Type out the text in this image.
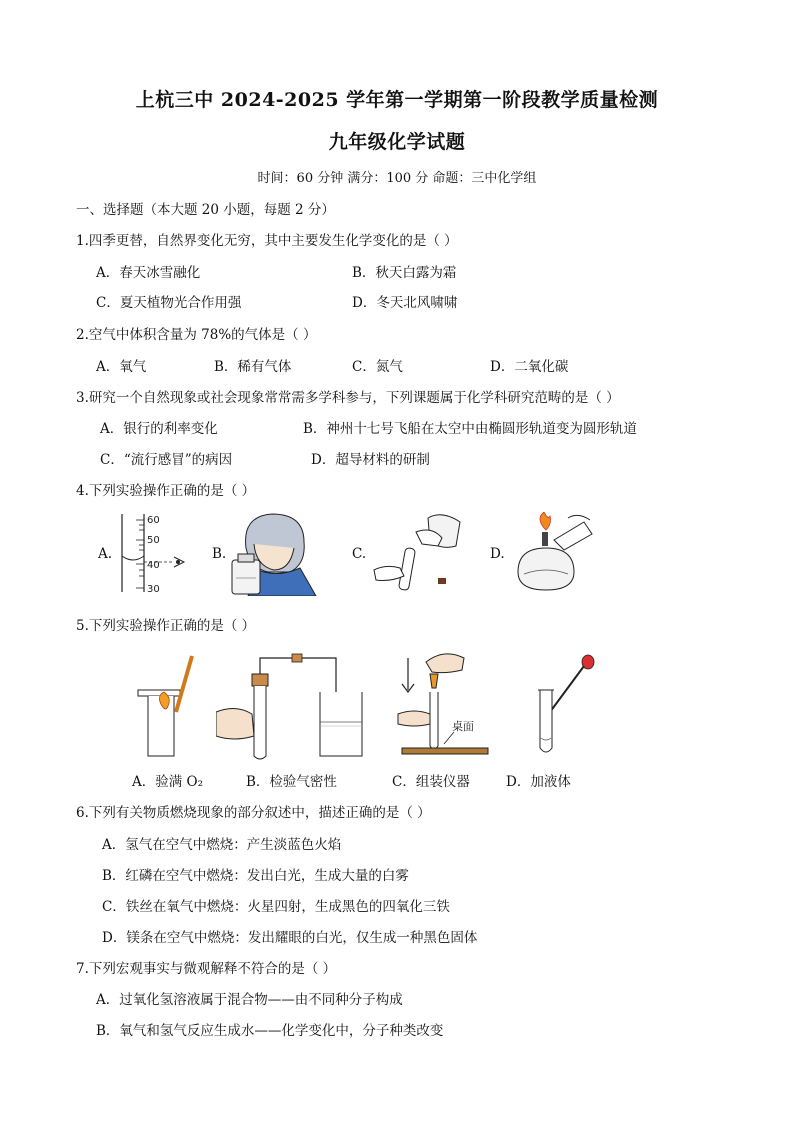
上杭三中 2024-2025 学年第一学期第一阶段教学质量检测
九年级化学试题
时间：60 分钟 满分：100 分 命题：三中化学组
一、选择题（本大题 20 小题，每题 2 分）
1.四季更替，自然界变化无穷，其中主要发生化学变化的是（ ）
A．春天冰雪融化	B．秋天白露为霜
C．夏天植物光合作用强	D．冬天北风啸啸
2.空气中体积含量为 78%的气体是（ ）
A．氧气	B．稀有气体	C．氮气	D．二氧化碳
3.研究一个自然现象或社会现象常常需多学科参与，下列课题属于化学科研究范畴的是（ ）
A．银行的利率变化	B．神州十七号飞船在太空中由椭圆形轨道变为圆形轨道
C．“流行感冒”的病因	D．超导材料的研制
4.下列实验操作正确的是（ ）
A.
60
50
40
30
B.	C.	D.
5.下列实验操作正确的是（ ）
A．验满 O₂	B．检验气密性
桌面
C．组装仪器	D．加液体
6.下列有关物质燃烧现象的部分叙述中，描述正确的是（ ）
A．氢气在空气中燃烧：产生淡蓝色火焰
B．红磷在空气中燃烧：发出白光，生成大量的白雾
C．铁丝在氧气中燃烧：火星四射，生成黑色的四氧化三铁
D．镁条在空气中燃烧：发出耀眼的白光，仅生成一种黑色固体
7.下列宏观事实与微观解释不符合的是（ ）
A．过氧化氢溶液属于混合物——由不同种分子构成
B．氧气和氢气反应生成水——化学变化中，分子种类改变
